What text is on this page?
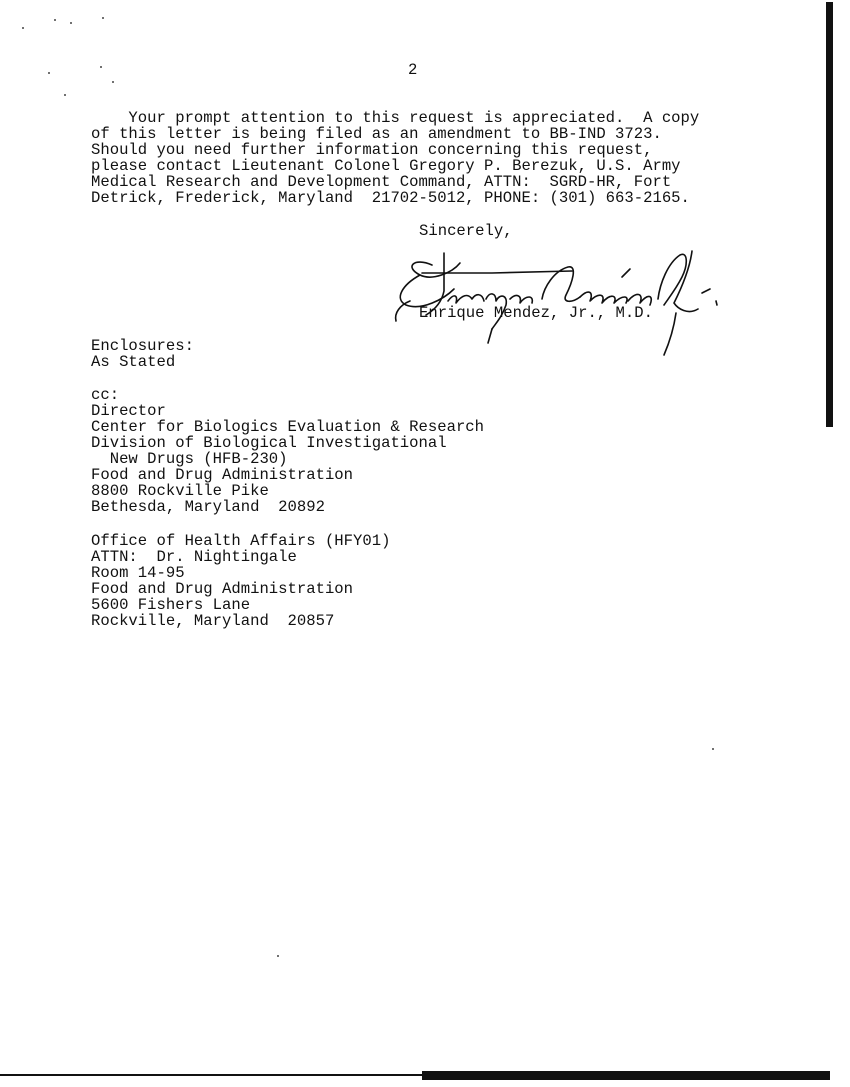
2
Your prompt attention to this request is appreciated.  A copy
of this letter is being filed as an amendment to BB-IND 3723.
Should you need further information concerning this request,
please contact Lieutenant Colonel Gregory P. Berezuk, U.S. Army
Medical Research and Development Command, ATTN:  SGRD-HR, Fort
Detrick, Frederick, Maryland  21702-5012, PHONE: (301) 663-2165.
Sincerely,
Enrique Mendez, Jr., M.D.
Enclosures:
As Stated
cc:
Director
Center for Biologics Evaluation & Research
Division of Biological Investigational
New Drugs (HFB-230)
Food and Drug Administration
8800 Rockville Pike
Bethesda, Maryland  20892
Office of Health Affairs (HFY01)
ATTN:  Dr. Nightingale
Room 14-95
Food and Drug Administration
5600 Fishers Lane
Rockville, Maryland  20857
